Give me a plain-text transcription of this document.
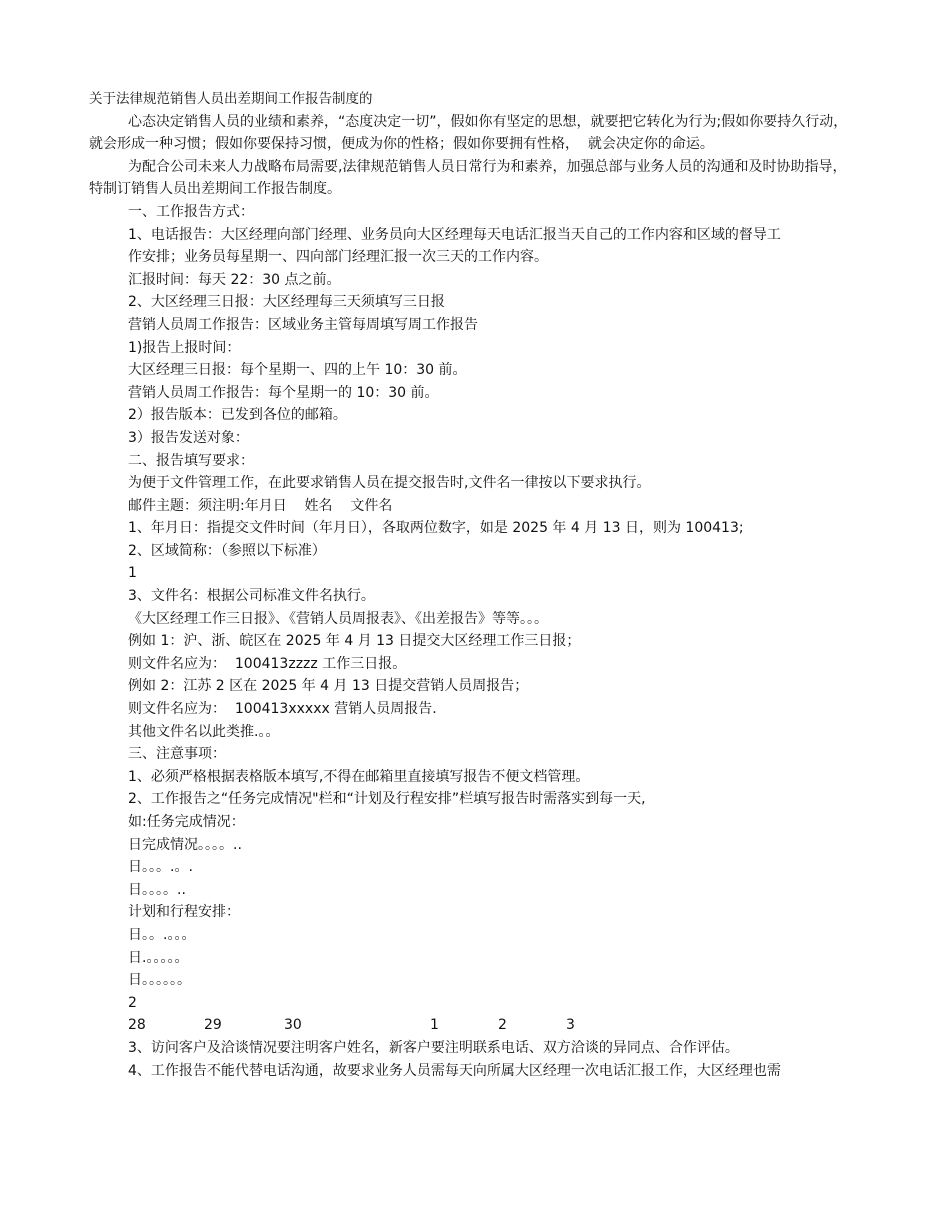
关于法律规范销售人员出差期间工作报告制度的

心态决定销售人员的业绩和素养，“态度决定一切”，假如你有坚定的思想，就要把它转化为行为;假如你要持久行动，就会形成一种习惯；假如你要保持习惯，便成为你的性格；假如你要拥有性格，  就会决定你的命运。

为配合公司未来人力战略布局需要,法律规范销售人员日常行为和素养，加强总部与业务人员的沟通和及时协助指导，特制订销售人员出差期间工作报告制度。

一、工作报告方式：

1、电话报告：大区经理向部门经理、业务员向大区经理每天电话汇报当天自己的工作内容和区域的督导工

作安排；业务员每星期一、四向部门经理汇报一次三天的工作内容。

汇报时间：每天 22：30 点之前。

2、大区经理三日报：大区经理每三天须填写三日报

营销人员周工作报告：区域业务主管每周填写周工作报告

1)报告上报时间：

大区经理三日报：每个星期一、四的上午 10：30 前。

营销人员周工作报告：每个星期一的 10：30 前。

2）报告版本：已发到各位的邮箱。

3）报告发送对象：

二、报告填写要求：

为便于文件管理工作，在此要求销售人员在提交报告时,文件名一律按以下要求执行。

邮件主题：须注明:年月日    姓名    文件名

1、年月日：指提交文件时间（年月日），各取两位数字，如是 2025 年 4 月 13 日，则为 100413;

2、区域简称：（参照以下标准）

1

3、文件名：根据公司标准文件名执行。

《大区经理工作三日报》、《营销人员周报表》、《出差报告》等等。。。

例如 1：沪、浙、皖区在 2025 年 4 月 13 日提交大区经理工作三日报；

则文件名应为：  100413zzzz 工作三日报。

例如 2：江苏 2 区在 2025 年 4 月 13 日提交营销人员周报告；

则文件名应为：  100413xxxxx 营销人员周报告.

其他文件名以此类推.。。

三、注意事项：

1、必须严格根据表格版本填写,不得在邮箱里直接填写报告不便文档管理。

2、工作报告之“任务完成情况"栏和“计划及行程安排”栏填写报告时需落实到每一天,

如:任务完成情况：

日完成情况。。。。..

日。。。.。.

日。。。。..

计划和行程安排：

日。。.。。。

日.。。。。。

日。。。。。。

2

28

	29

	30

	1

	2

	3

3、访问客户及洽谈情况要注明客户姓名，新客户要注明联系电话、双方洽谈的异同点、合作评估。

4、工作报告不能代替电话沟通，故要求业务人员需每天向所属大区经理一次电话汇报工作，大区经理也需
